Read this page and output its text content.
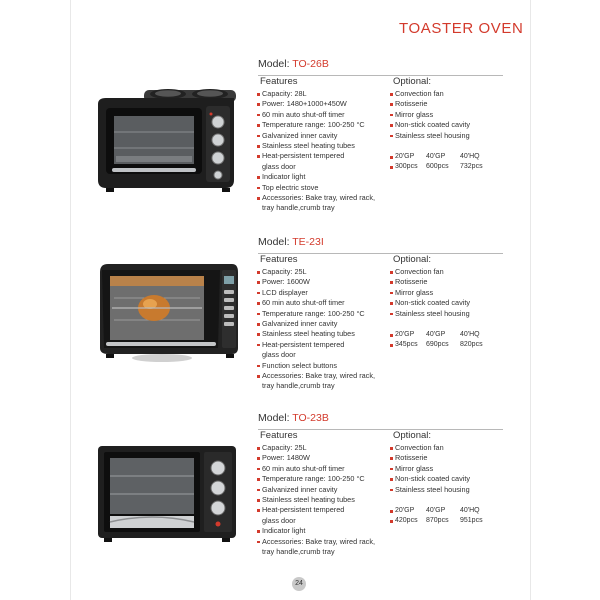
TOASTER OVEN
Model: TO-26B
Features	Optional:
Capacity: 28L
Power: 1480+1000+450W
60 min auto shut-off timer
Temperature range: 100-250 °C
Galvanized inner cavity
Stainless steel heating tubes
Heat-persistent tempered
glass door
Indicator light
Top electric stove
Accessories: Bake tray, wired rack,
tray handle,crumb tray
Convection fan
Rotisserie
Mirror glass
Non-stick coated cavity
Stainless steel housing
20'GP	40'GP	40'HQ
300pcs	600pcs	732pcs
Model: TE-23I
Features	Optional:
Capacity: 25L
Power: 1600W
LCD displayer
60 min auto shut-off timer
Temperature range: 100-250 °C
Galvanized inner cavity
Stainless steel heating tubes
Heat-persistent tempered
glass door
Function select buttons
Accessories: Bake tray, wired rack,
tray handle,crumb tray
Convection fan
Rotisserie
Mirror glass
Non-stick coated cavity
Stainless steel housing
20'GP	40'GP	40'HQ
345pcs	690pcs	820pcs
Model: TO-23B
Features	Optional:
Capacity: 25L
Power: 1480W
60 min auto shut-off timer
Temperature range: 100-250 °C
Galvanized inner cavity
Stainless steel heating tubes
Heat-persistent tempered
glass door
Indicator light
Accessories: Bake tray, wired rack,
tray handle,crumb tray
Convection fan
Rotisserie
Mirror glass
Non-stick coated cavity
Stainless steel housing
20'GP	40'GP	40'HQ
420pcs	870pcs	951pcs
24
